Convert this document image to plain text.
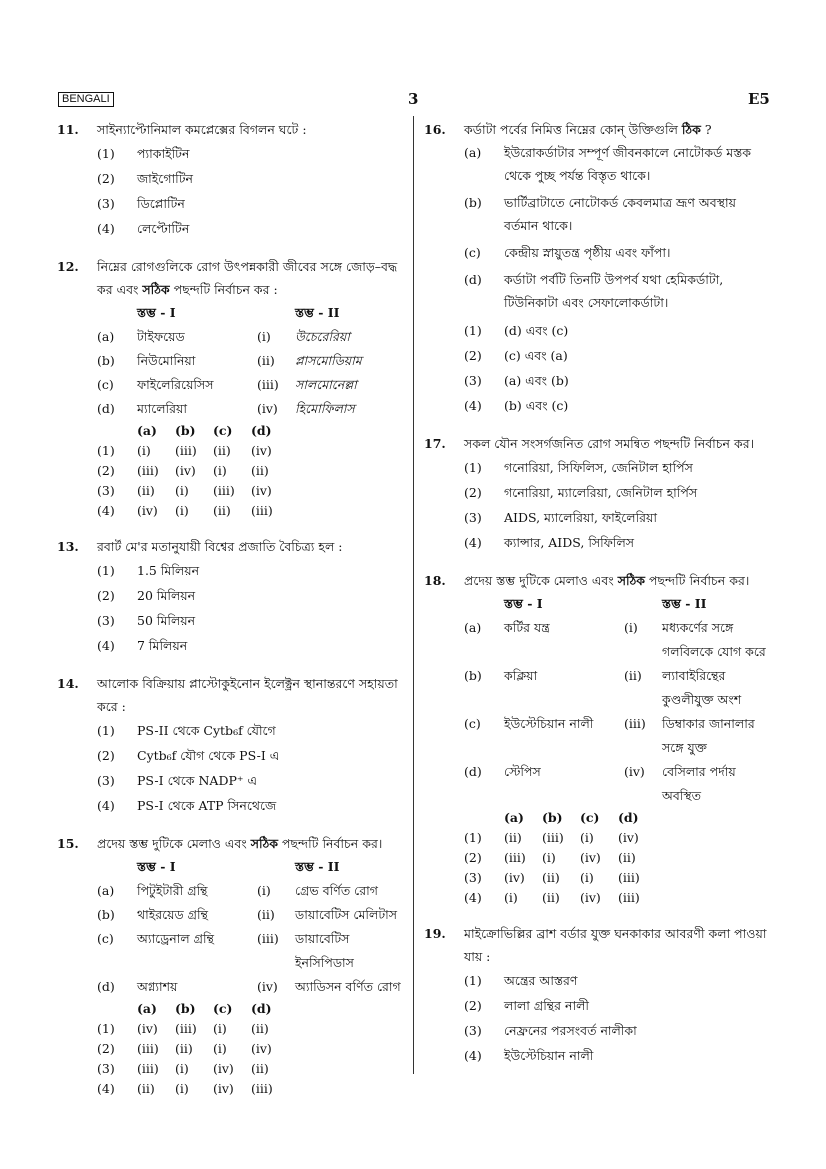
BENGALI	3	E5
11. সাইন্যাপ্টোনিমাল কমপ্লেক্সের বিগলন ঘটে :
(1) প্যাকাইটিন
(2) জাইগোটিন
(3) ডিপ্লোটিন
(4) লেপ্টোটিন
12. নিম্নের রোগগুলিকে রোগ উৎপন্নকারী জীবের সঙ্গে জোড়–বদ্ধ কর এবং সঠিক পছন্দটি নির্বাচন কর :
স্তম্ভ - I	স্তম্ভ - II
(a)	টাইফয়েড	(i)	উচেরেরিয়া
(b)	নিউমোনিয়া	(ii)	প্লাসমোডিয়াম
(c)	ফাইলেরিয়েসিস	(iii)	সালমোনেল্লা
(d)	ম্যালেরিয়া	(iv)	হিমোফিলাস
(a)	(b)	(c)	(d)
(1)	(i)	(iii)	(ii)	(iv)
(2)	(iii)	(iv)	(i)	(ii)
(3)	(ii)	(i)	(iii)	(iv)
(4)	(iv)	(i)	(ii)	(iii)
13. রবার্ট মে'র মতানুযায়ী বিশ্বের প্রজাতি বৈচিত্র্য হল :
(1) 1.5 মিলিয়ন
(2) 20 মিলিয়ন
(3) 50 মিলিয়ন
(4) 7 মিলিয়ন
14. আলোক বিক্রিয়ায় প্লাস্টোকুইনোন ইলেক্ট্রন স্থানান্তরণে সহায়তা করে :
(1) PS-II থেকে Cytb₆f যৌগে
(2) Cytb₆f যৌগ থেকে PS-I এ
(3) PS-I থেকে NADP⁺ এ
(4) PS-I থেকে ATP সিনথেজে
15. প্রদেয় স্তম্ভ দুটিকে মেলাও এবং সঠিক পছন্দটি নির্বাচন কর।
স্তম্ভ - I	স্তম্ভ - II
(a)	পিটুইটারী গ্রন্থি	(i)	গ্রেভ বর্ণিত রোগ
(b)	থাইরয়েড গ্রন্থি	(ii)	ডায়াবেটিস মেলিটাস
(c)	অ্যাড্রেনাল গ্রন্থি	(iii)	ডায়াবেটিস ইনসিপিডাস
(d)	অগ্ন্যাশয়	(iv)	অ্যাডিসন বর্ণিত রোগ
(a)	(b)	(c)	(d)
(1)	(iv)	(iii)	(i)	(ii)
(2)	(iii)	(ii)	(i)	(iv)
(3)	(iii)	(i)	(iv)	(ii)
(4)	(ii)	(i)	(iv)	(iii)
16. কর্ডাটা পর্বের নিমিত্ত নিম্নের কোন্ উক্তিগুলি ঠিক ?
(a) ইউরোকর্ডাটার সম্পূর্ণ জীবনকালে নোটোকর্ড মস্তক থেকে পুচ্ছ পর্যন্ত বিস্তৃত থাকে।
(b) ভার্টিব্রাটাতে নোটোকর্ড কেবলমাত্র ভ্রূণ অবস্থায় বর্তমান থাকে।
(c) কেন্দ্রীয় স্নায়ুতন্ত্র পৃষ্ঠীয় এবং ফাঁপা।
(d) কর্ডাটা পর্বটি তিনটি উপপর্ব যথা হেমিকর্ডাটা, টিউনিকাটা এবং সেফালোকর্ডাটা।
(1) (d) এবং (c)
(2) (c) এবং (a)
(3) (a) এবং (b)
(4) (b) এবং (c)
17. সকল যৌন সংসর্গজনিত রোগ সমন্বিত পছন্দটি নির্বাচন কর।
(1) গনোরিয়া, সিফিলিস, জেনিটাল হার্পিস
(2) গনোরিয়া, ম্যালেরিয়া, জেনিটাল হার্পিস
(3) AIDS, ম্যালেরিয়া, ফাইলেরিয়া
(4) ক্যান্সার, AIDS, সিফিলিস
18. প্রদেয় স্তম্ভ দুটিকে মেলাও এবং সঠিক পছন্দটি নির্বাচন কর।
স্তম্ভ - I	স্তম্ভ - II
(a)	কর্টির যন্ত্র	(i)	মধ্যকর্ণের সঙ্গে গলবিলকে যোগ করে
(b)	কক্লিয়া	(ii)	ল্যাবাইরিন্থের কুণ্ডলীযুক্ত অংশ
(c)	ইউস্টেচিয়ান নালী	(iii)	ডিম্বাকার জানালার সঙ্গে যুক্ত
(d)	স্টেপিস	(iv)	বেসিলার পর্দায় অবস্থিত
(a)	(b)	(c)	(d)
(1)	(ii)	(iii)	(i)	(iv)
(2)	(iii)	(i)	(iv)	(ii)
(3)	(iv)	(ii)	(i)	(iii)
(4)	(i)	(ii)	(iv)	(iii)
19. মাইক্রোভিল্লির ব্রাশ বর্ডার যুক্ত ঘনকাকার আবরণী কলা পাওয়া যায় :
(1) অন্ত্রের আস্তরণ
(2) লালা গ্রন্থির নালী
(3) নেফ্রনের পরসংবর্ত নালীকা
(4) ইউস্টেচিয়ান নালী
